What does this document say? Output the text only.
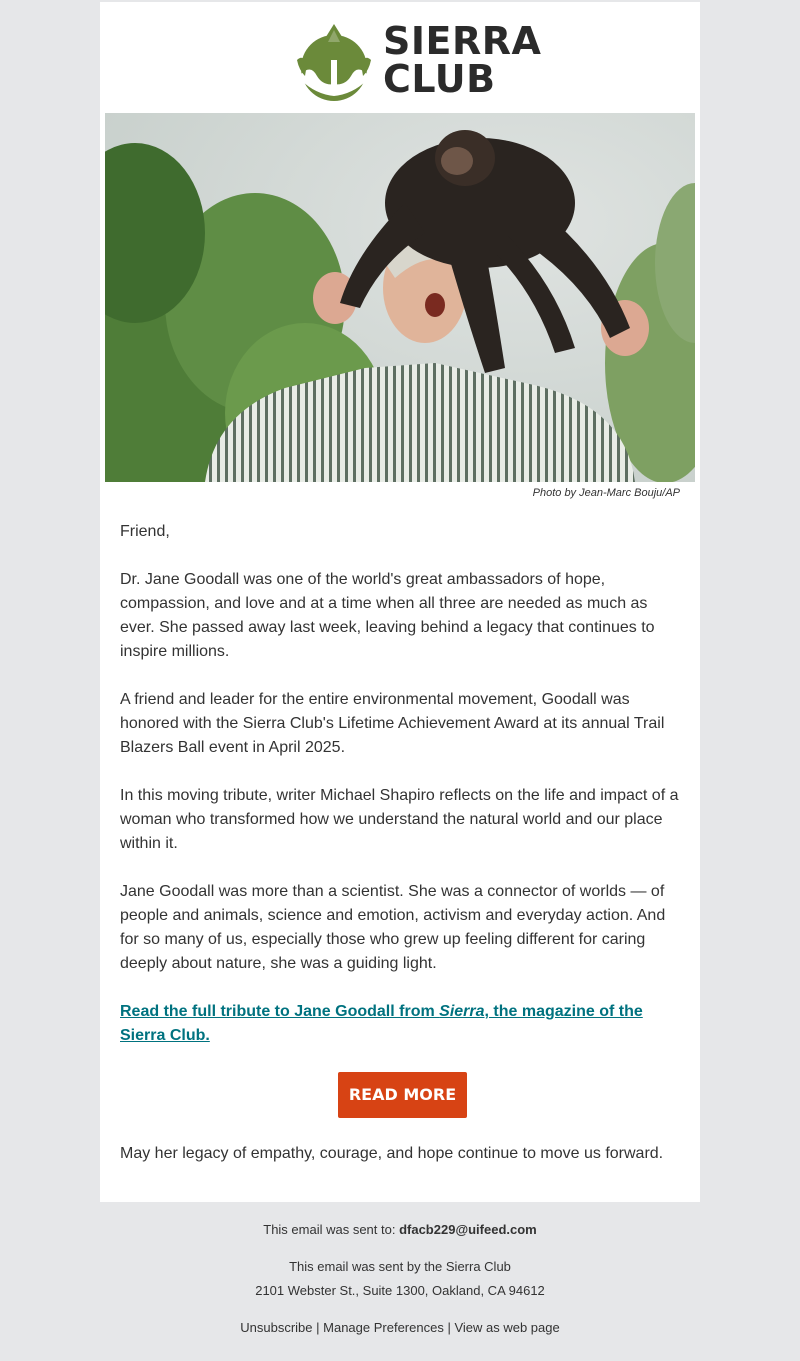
SIERRA
CLUB
Photo by Jean-Marc Bouju/AP

Friend,

Dr. Jane Goodall was one of the world's great ambassadors of hope, compassion, and love and at a time when all three are needed as much as ever. She passed away last week, leaving behind a legacy that continues to inspire millions.

A friend and leader for the entire environmental movement, Goodall was honored with the Sierra Club's Lifetime Achievement Award at its annual Trail Blazers Ball event in April 2025.

In this moving tribute, writer Michael Shapiro reflects on the life and impact of a woman who transformed how we understand the natural world and our place within it.

Jane Goodall was more than a scientist. She was a connector of worlds — of people and animals, science and emotion, activism and everyday action. And for so many of us, especially those who grew up feeling different for caring deeply about nature, she was a guiding light.

Read the full tribute to Jane Goodall from Sierra, the magazine of the Sierra Club.

READ MORE

May her legacy of empathy, courage, and hope continue to move us forward.

This email was sent to: dfacb229@uifeed.com
This email was sent by the Sierra Club
2101 Webster St., Suite 1300, Oakland, CA 94612
Unsubscribe | Manage Preferences | View as web page
